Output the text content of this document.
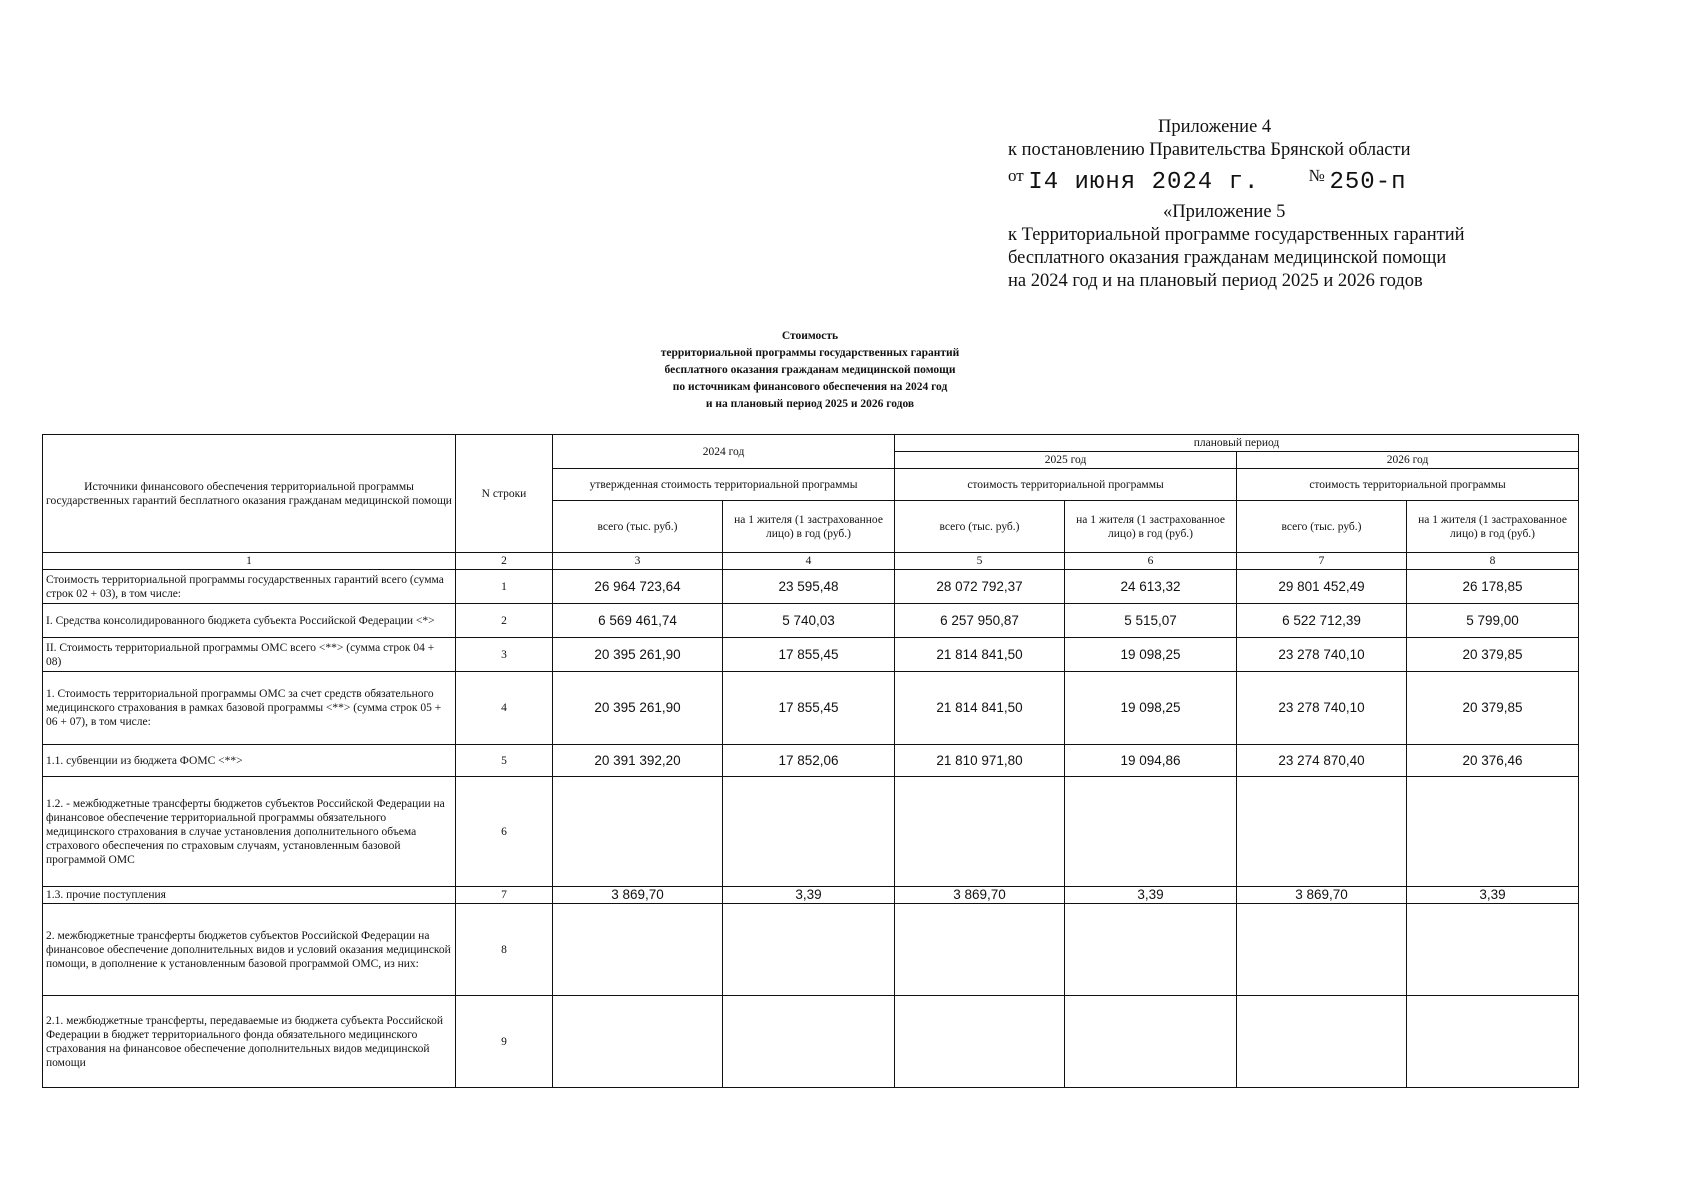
Приложение 4
к постановлению Правительства Брянской области
от I4 июня 2024 г.	№ 250-п
«Приложение 5
к Территориальной программе государственных гарантий
бесплатного оказания гражданам медицинской помощи
на 2024 год и на плановый период 2025 и 2026 годов
Стоимость
территориальной программы государственных гарантий
бесплатного оказания гражданам медицинской помощи
по источникам финансового обеспечения на 2024 год
и на плановый период 2025 и 2026 годов
Источники финансового обеспечения территориальной программы государственных гарантий бесплатного оказания гражданам медицинской помощи	N строки	2024 год		плановый период			
				2025 год		2026 год	
		утвержденная стоимость территориальной программы		стоимость территориальной программы		стоимость территориальной программы	
		всего (тыс. руб.)	на 1 жителя (1 застрахованное лицо) в год (руб.)	всего (тыс. руб.)	на 1 жителя (1 застрахованное лицо) в год (руб.)	всего (тыс. руб.)	на 1 жителя (1 застрахованное лицо) в год (руб.)
1	2	3	4	5	6	7	8
Стоимость территориальной программы государственных гарантий всего (сумма строк 02 + 03), в том числе:	1	26 964 723,64	23 595,48	28 072 792,37	24 613,32	29 801 452,49	26 178,85
I. Средства консолидированного бюджета субъекта Российской Федерации <*>	2	6 569 461,74	5 740,03	6 257 950,87	5 515,07	6 522 712,39	5 799,00
II. Стоимость территориальной программы ОМС всего <**> (сумма строк 04 + 08)	3	20 395 261,90	17 855,45	21 814 841,50	19 098,25	23 278 740,10	20 379,85
1. Стоимость территориальной программы ОМС за счет средств обязательного медицинского страхования в рамках базовой программы <**> (сумма строк 05 + 06 + 07), в том числе:	4	20 395 261,90	17 855,45	21 814 841,50	19 098,25	23 278 740,10	20 379,85
1.1. субвенции из бюджета ФОМС <**>	5	20 391 392,20	17 852,06	21 810 971,80	19 094,86	23 274 870,40	20 376,46
1.2. - межбюджетные трансферты бюджетов субъектов Российской Федерации на финансовое обеспечение территориальной программы обязательного медицинского страхования в случае установления дополнительного объема страхового обеспечения по страховым случаям, установленным базовой программой ОМС	6						
1.3. прочие поступления	7	3 869,70	3,39	3 869,70	3,39	3 869,70	3,39
2. межбюджетные трансферты бюджетов субъектов Российской Федерации на финансовое обеспечение дополнительных видов и условий оказания медицинской помощи, в дополнение к установленным базовой программой ОМС, из них:	8						
2.1. межбюджетные трансферты, передаваемые из бюджета субъекта Российской Федерации в бюджет территориального фонда обязательного медицинского страхования на финансовое обеспечение дополнительных видов медицинской помощи	9						
